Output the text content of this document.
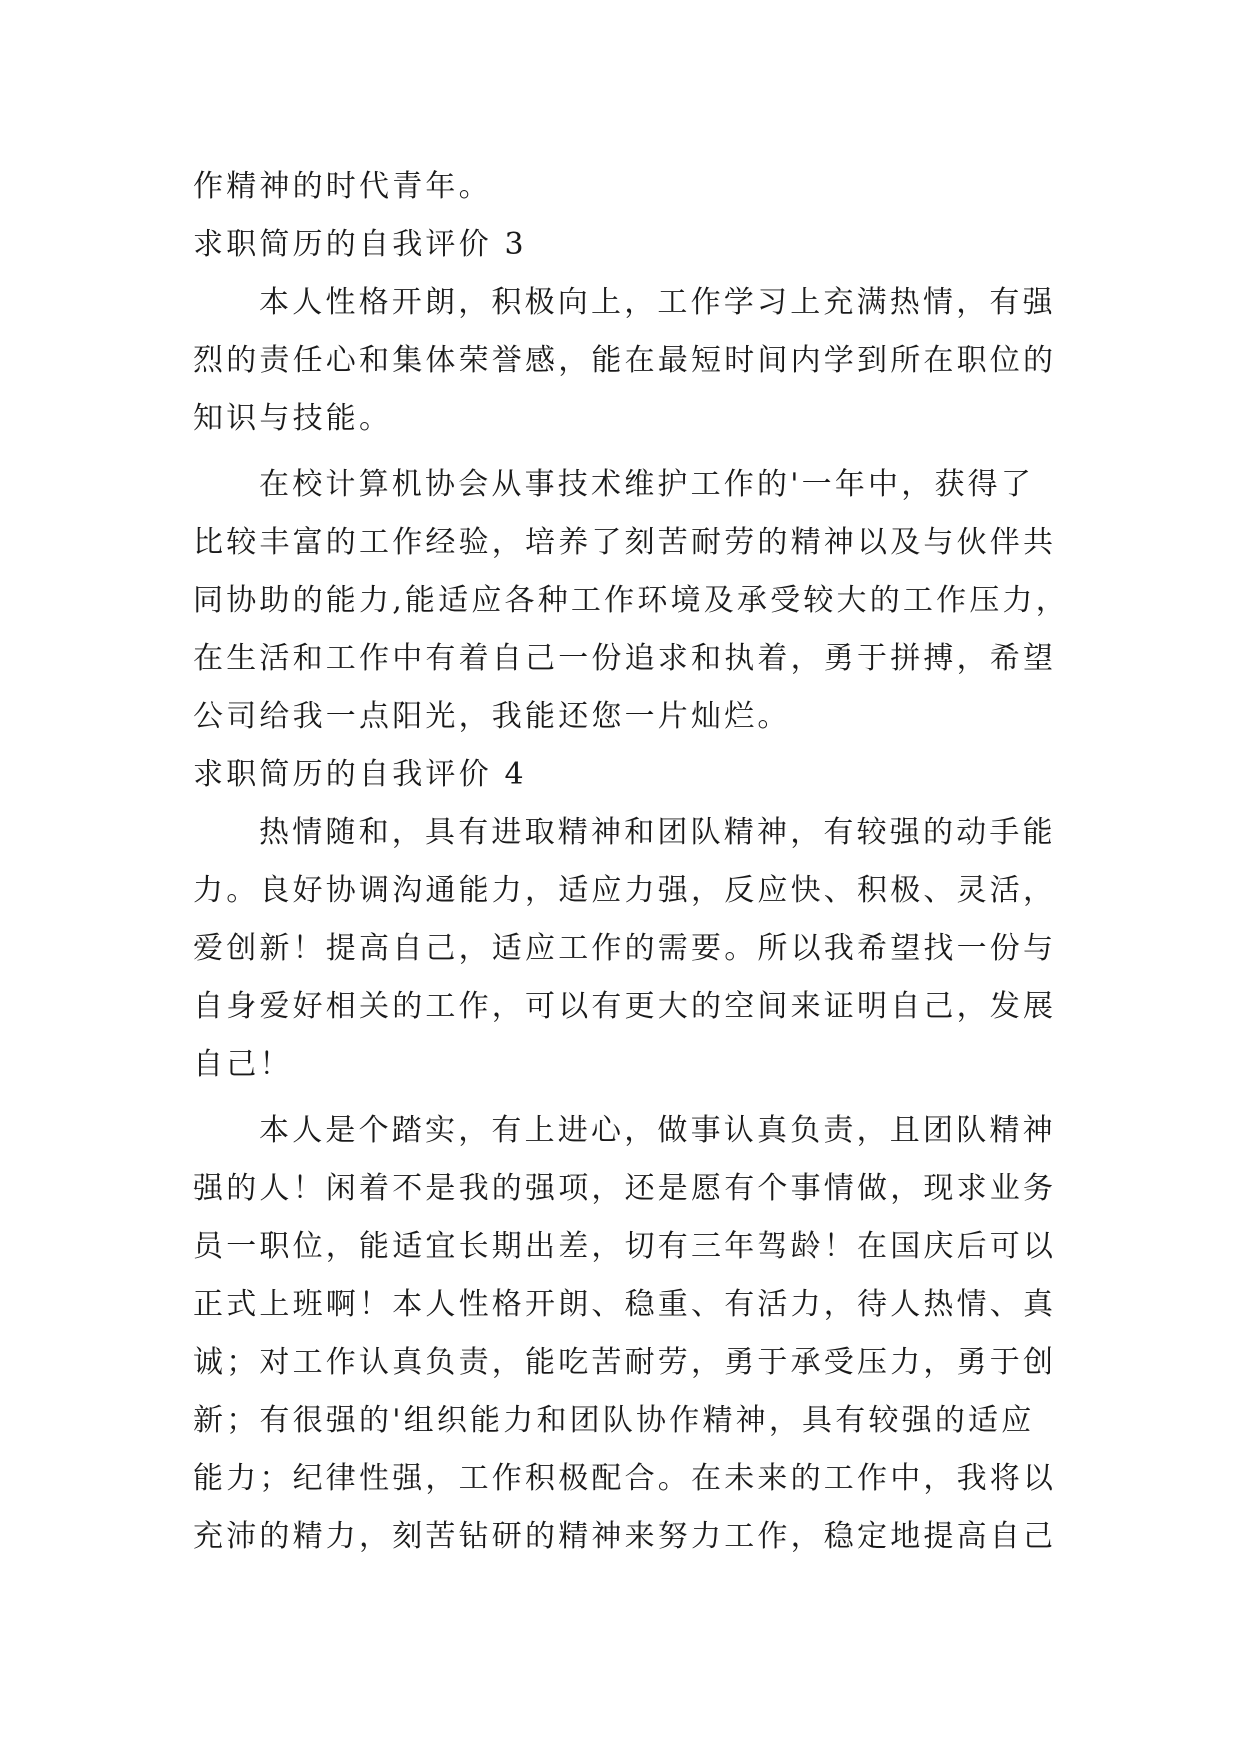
作精神的时代青年。
求职简历的自我评价 3
本人性格开朗，积极向上，工作学习上充满热情，有强
烈的责任心和集体荣誉感，能在最短时间内学到所在职位的
知识与技能。
在校计算机协会从事技术维护工作的'一年中，获得了
比较丰富的工作经验，培养了刻苦耐劳的精神以及与伙伴共
同协助的能力,能适应各种工作环境及承受较大的工作压力，
在生活和工作中有着自己一份追求和执着，勇于拼搏，希望
公司给我一点阳光，我能还您一片灿烂。
求职简历的自我评价 4
热情随和，具有进取精神和团队精神，有较强的动手能
力。良好协调沟通能力，适应力强，反应快、积极、灵活，
爱创新！提高自己，适应工作的需要。所以我希望找一份与
自身爱好相关的工作，可以有更大的空间来证明自己，发展
自己！
本人是个踏实，有上进心，做事认真负责，且团队精神
强的人！闲着不是我的强项，还是愿有个事情做，现求业务
员一职位，能适宜长期出差，切有三年驾龄！在国庆后可以
正式上班啊！本人性格开朗、稳重、有活力，待人热情、真
诚；对工作认真负责，能吃苦耐劳，勇于承受压力，勇于创
新；有很强的'组织能力和团队协作精神，具有较强的适应
能力；纪律性强，工作积极配合。在未来的工作中，我将以
充沛的精力，刻苦钻研的精神来努力工作，稳定地提高自己
